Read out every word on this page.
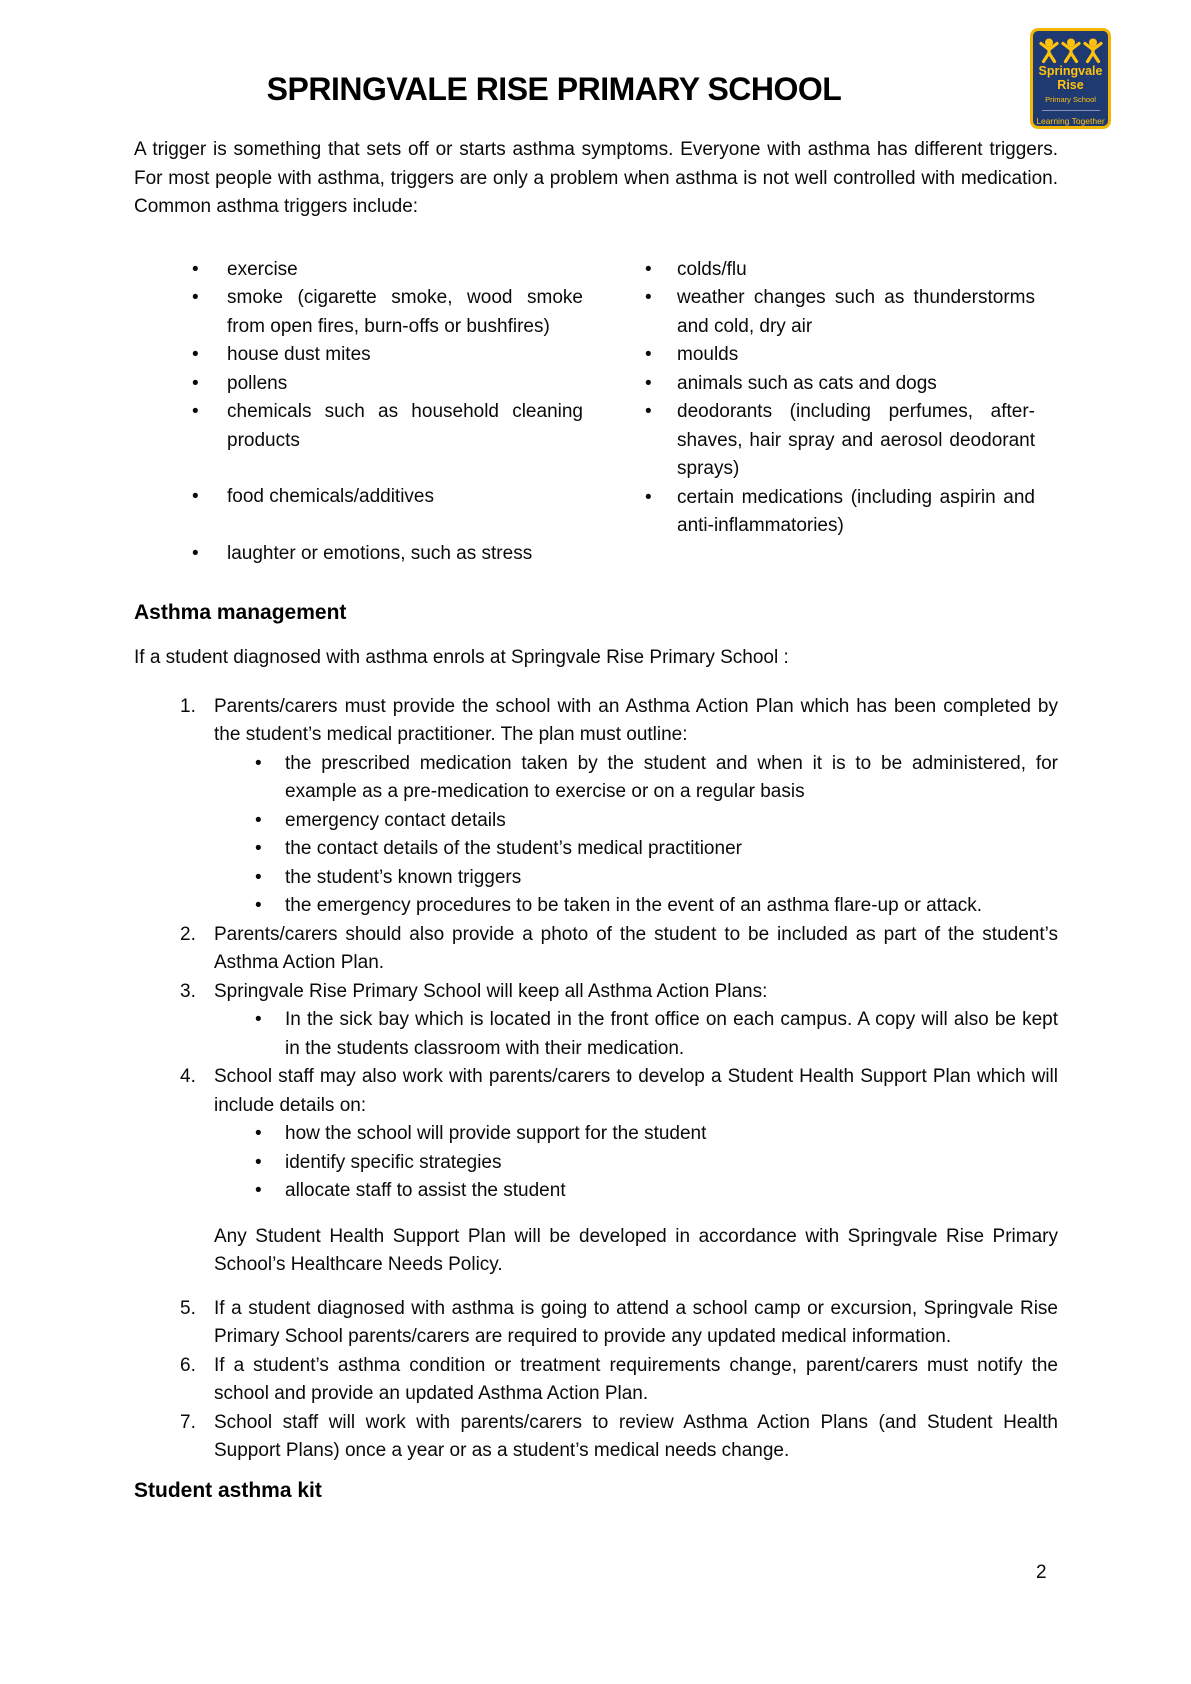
Springvale
Rise
Primary School
Learning Together
SPRINGVALE RISE PRIMARY SCHOOL

A trigger is something that sets off or starts asthma symptoms. Everyone with asthma has different triggers. For most people with asthma, triggers are only a problem when asthma is not well controlled with medication. Common asthma triggers include:

• exercise
• smoke (cigarette smoke, wood smoke from open fires, burn-offs or bushfires)
• house dust mites
• pollens
• chemicals such as household cleaning products
• food chemicals/additives
• laughter or emotions, such as stress
• colds/flu
• weather changes such as thunderstorms and cold, dry air
• moulds
• animals such as cats and dogs
• deodorants (including perfumes, after-shaves, hair spray and aerosol deodorant sprays)
• certain medications (including aspirin and anti-inflammatories)
Asthma management

If a student diagnosed with asthma enrols at Springvale Rise Primary School :

1. Parents/carers must provide the school with an Asthma Action Plan which has been completed by the student’s medical practitioner. The plan must outline:
• the prescribed medication taken by the student and when it is to be administered, for example as a pre-medication to exercise or on a regular basis
• emergency contact details
• the contact details of the student’s medical practitioner
• the student’s known triggers
• the emergency procedures to be taken in the event of an asthma flare-up or attack.
2. Parents/carers should also provide a photo of the student to be included as part of the student’s Asthma Action Plan.
3. Springvale Rise Primary School will keep all Asthma Action Plans:
• In the sick bay which is located in the front office on each campus. A copy will also be kept in the students classroom with their medication.
4. School staff may also work with parents/carers to develop a Student Health Support Plan which will include details on:
• how the school will provide support for the student
• identify specific strategies
• allocate staff to assist the student

Any Student Health Support Plan will be developed in accordance with Springvale Rise Primary School’s Healthcare Needs Policy.

5. If a student diagnosed with asthma is going to attend a school camp or excursion, Springvale Rise Primary School parents/carers are required to provide any updated medical information.
6. If a student’s asthma condition or treatment requirements change, parent/carers must notify the school and provide an updated Asthma Action Plan.
7. School staff will work with parents/carers to review Asthma Action Plans (and Student Health Support Plans) once a year or as a student’s medical needs change.
Student asthma kit
2
